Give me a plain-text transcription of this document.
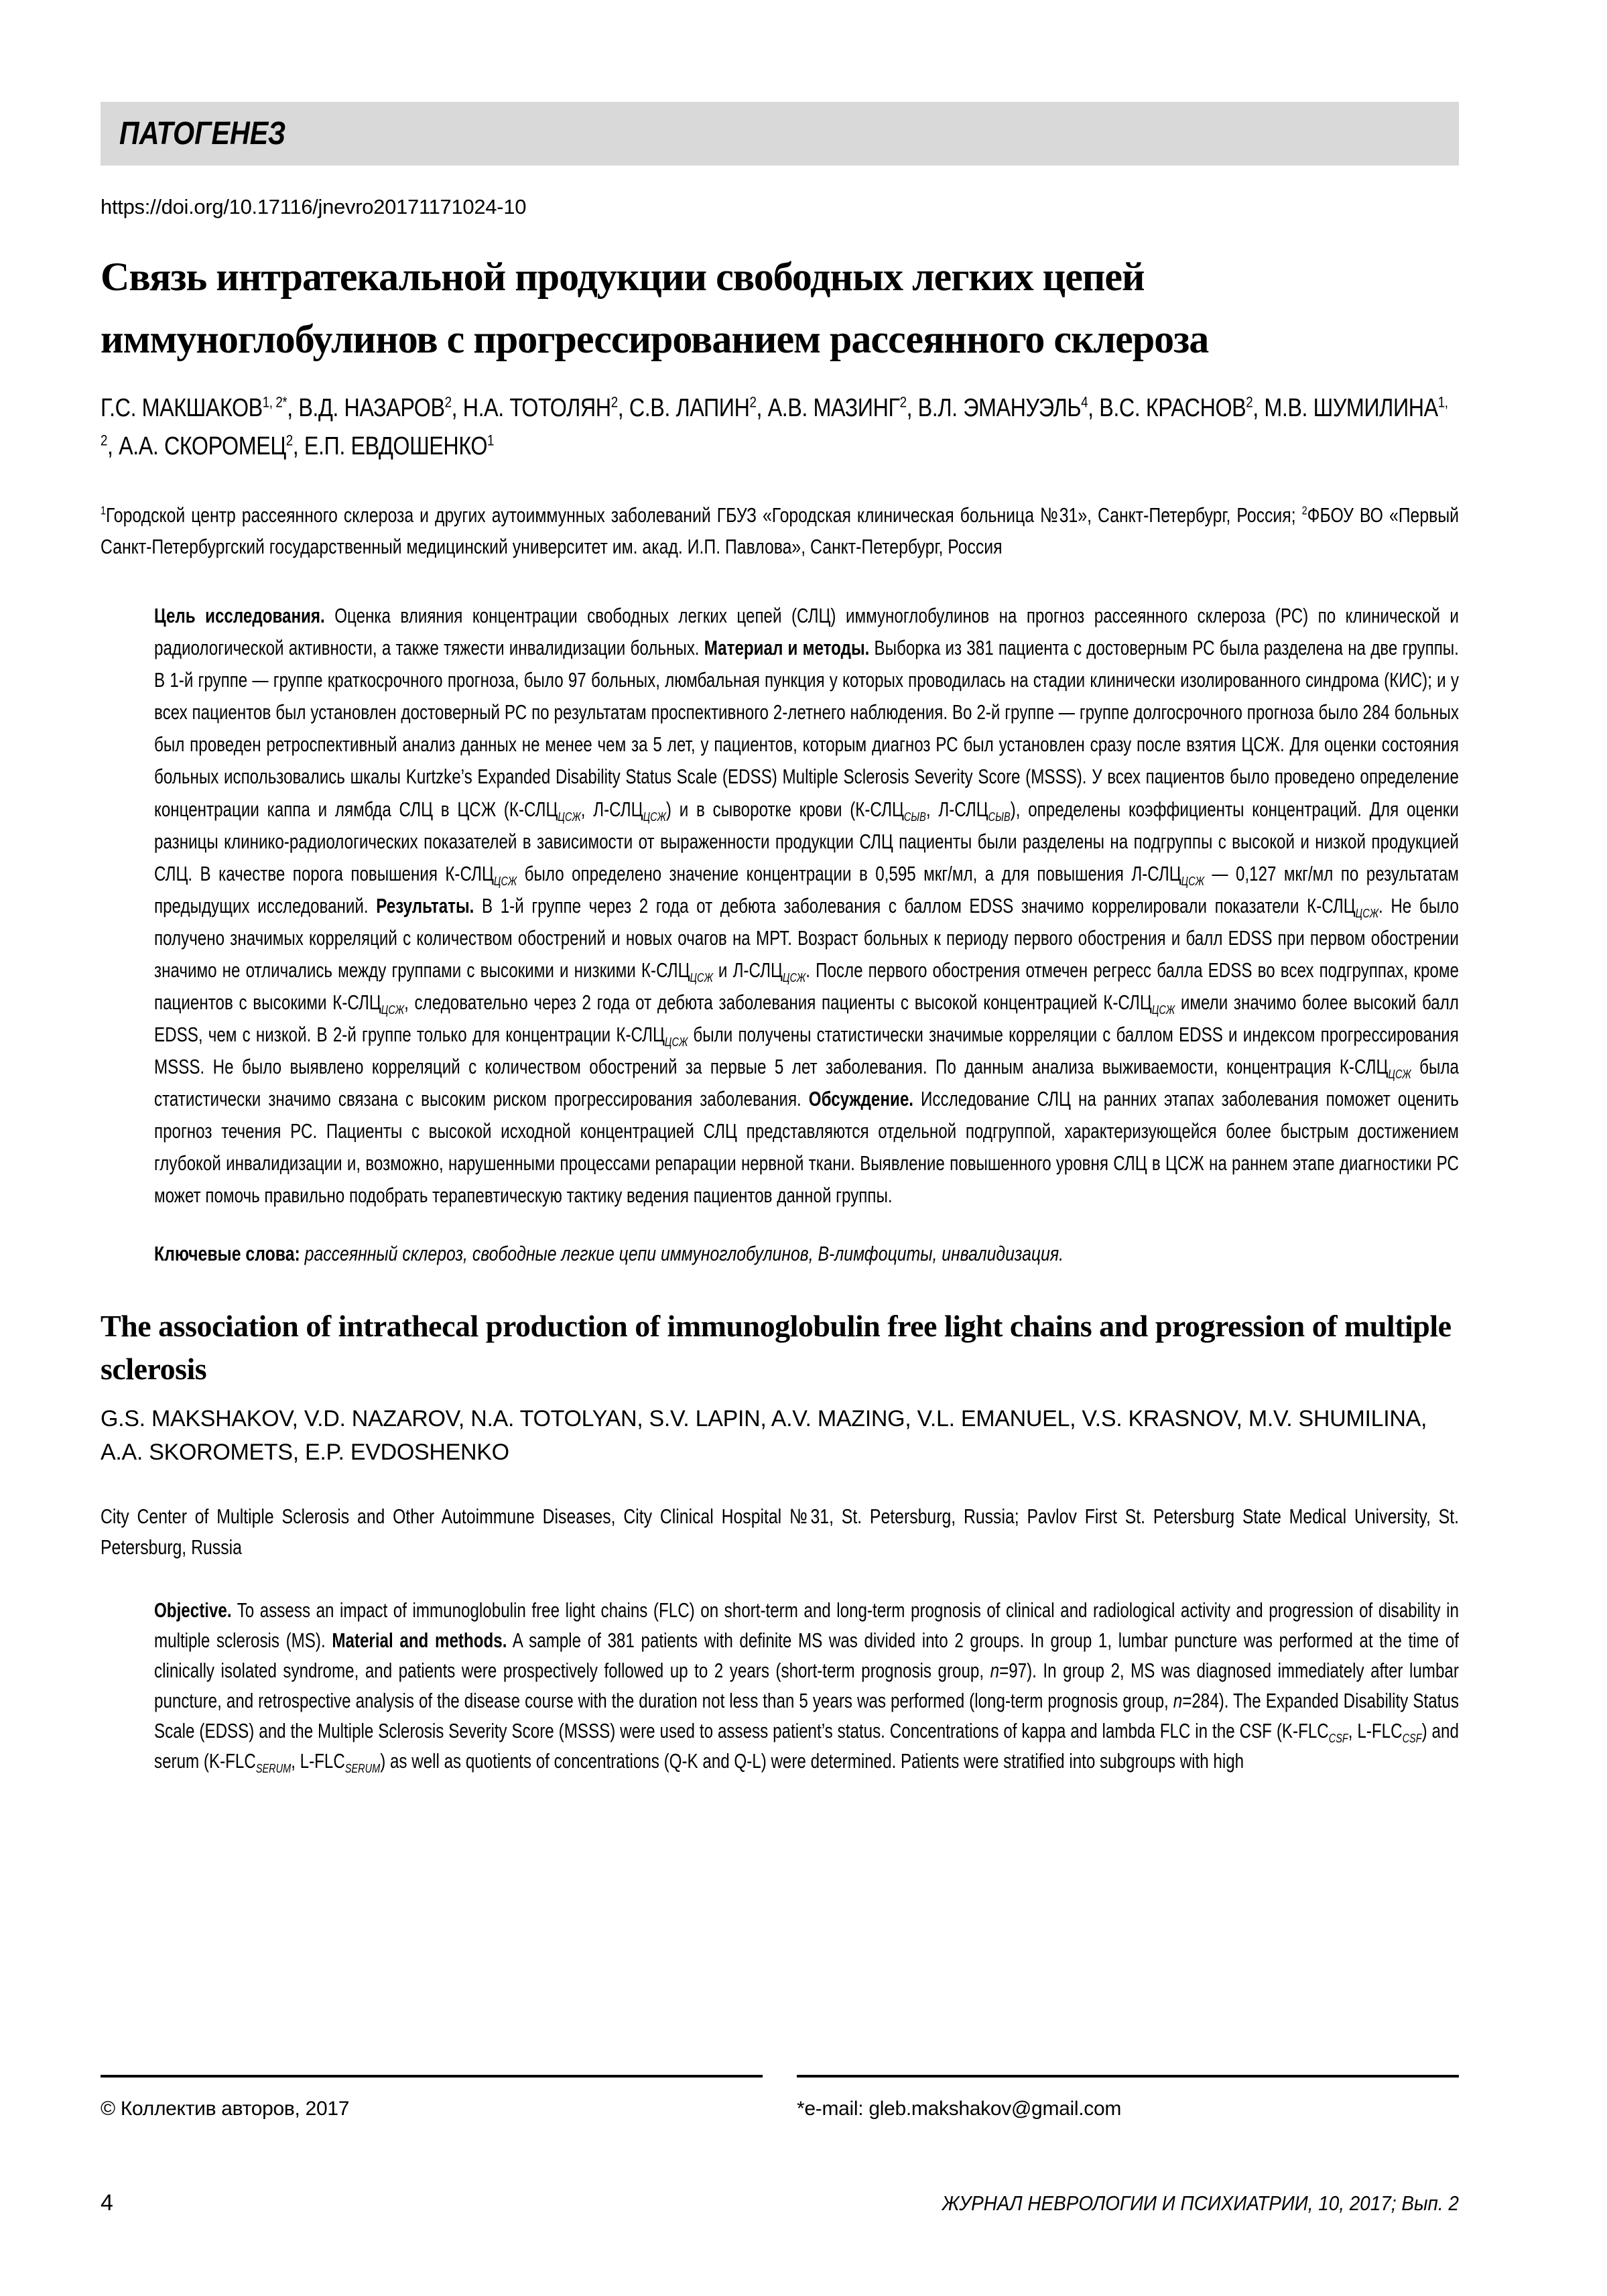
ПАТОГЕНЕЗ
https://doi.org/10.17116/jnevro20171171024-10
Связь интратекальной продукции свободных легких цепей иммуноглобулинов с прогрессированием рассеянного склероза
Г.С. $МАКШАКОВ^{1, 2*}$, В.Д. НАЗАРОВ$^2$, Н.А. ТОТОЛЯН$^2$, С.В. ЛАПИН$^2$, А.В. МАЗИНГ$^2$, В.Л. ЭМАНУЭЛЬ$^4$, В.С. КРАСНОВ$^2$, М.В. ШУМИЛИНА$^{1, 2}$, А.А. СКОРОМЕЦ$^2$, Е.П. ЕВДОШЕНКО$^1$
$^1$Городской центр рассеянного склероза и других аутоиммунных заболеваний ГБУЗ «Городская клиническая больница №31», Санкт-Петербург, Россия; $^2$ФБОУ ВО «Первый Санкт-Петербургский государственный медицинский университет им. акад. И.П. Павлова», Санкт-Петербург, Россия
Цель исследования. Оценка влияния концентрации свободных легких цепей (СЛЦ) иммуноглобулинов на прогноз рассеянного склероза (РС) по клинической и радиологической активности, а также тяжести инвалидизации больных. Материал и методы. Выборка из 381 пациента с достоверным РС была разделена на две группы. В 1-й группе — группе краткосрочного прогноза, было 97 больных, люмбальная пункция у которых проводилась на стадии клинически изолированного синдрома (КИС); и у всех пациентов был установлен достоверный РС по результатам проспективного 2-летнего наблюдения. Во 2-й группе — группе долгосрочного прогноза было 284 больных был проведен ретроспективный анализ данных не менее чем за 5 лет, у пациентов, которым диагноз РС был установлен сразу после взятия ЦСЖ. Для оценки состояния больных использовались шкалы Kurtzke’s Expanded Disability Status Scale (EDSS) Multiple Sclerosis Severity Score (MSSS). У всех пациентов было проведено определение концентрации каппа и лямбда СЛЦ в ЦСЖ ($К-СЛЦ_{ЦСЖ}$, $Л-СЛЦ_{ЦСЖ}$) и в сыворотке крови ($К-СЛЦ_{СЫВ}$, $Л-СЛЦ_{СЫВ}$), определены коэффициенты концентраций. Для оценки разницы клинико-радиологических показателей в зависимости от выраженности продукции СЛЦ пациенты были разделены на подгруппы с высокой и низкой продукцией СЛЦ. В качестве порога повышения $К-СЛЦ_{ЦСЖ}$ было определено значение концентрации в 0,595 мкг/мл, а для повышения $Л-СЛЦ_{ЦСЖ}$ — 0,127 мкг/мл по результатам предыдущих исследований. Результаты. В 1-й группе через 2 года от дебюта заболевания с баллом EDSS значимо коррелировали показатели $К-СЛЦ_{ЦСЖ}$. Не было получено значимых корреляций с количеством обострений и новых очагов на МРТ. Возраст больных к периоду первого обострения и балл EDSS при первом обострении значимо не отличались между группами с высокими и низкими $К-СЛЦ_{ЦСЖ}$ и $Л-СЛЦ_{ЦСЖ}$. После первого обострения отмечен регресс балла EDSS во всех подгруппах, кроме пациентов с высокими $К-СЛЦ_{ЦСЖ}$, следовательно через 2 года от дебюта заболевания пациенты с высокой концентрацией $К-СЛЦ_{ЦСЖ}$ имели значимо более высокий балл EDSS, чем с низкой. В 2-й группе только для концентрации $К-СЛЦ_{ЦСЖ}$ были получены статистически значимые корреляции с баллом EDSS и индексом прогрессирования MSSS. Не было выявлено корреляций с количеством обострений за первые 5 лет заболевания. По данным анализа выживаемости, концентрация $К-СЛЦ_{ЦСЖ}$ была статистически значимо связана с высоким риском прогрессирования заболевания. Обсуждение. Исследование СЛЦ на ранних этапах заболевания поможет оценить прогноз течения РС. Пациенты с высокой исходной концентрацией СЛЦ представляются отдельной подгруппой, характеризующейся более быстрым достижением глубокой инвалидизации и, возможно, нарушенными процессами репарации нервной ткани. Выявление повышенного уровня СЛЦ в ЦСЖ на раннем этапе диагностики РС может помочь правильно подобрать терапевтическую тактику ведения пациентов данной группы.
Ключевые слова: рассеянный склероз, свободные легкие цепи иммуноглобулинов, В-лимфоциты, инвалидизация.
The association of intrathecal production of immunoglobulin free light chains and progression of multiple sclerosis
G.S. MAKSHAKOV, V.D. NAZAROV, N.A. TOTOLYAN, S.V. LAPIN, A.V. MAZING, V.L. EMANUEL, V.S. KRASNOV, M.V. SHUMILINA, A.A. SKOROMETS, E.P. EVDOSHENKO
City Center of Multiple Sclerosis and Other Autoimmune Diseases, City Clinical Hospital №31, St. Petersburg, Russia; Pavlov First St. Petersburg State Medical University, St. Petersburg, Russia
Objective. To assess an impact of immunoglobulin free light chains (FLC) on short-term and long-term prognosis of clinical and radiological activity and progression of disability in multiple sclerosis (MS). Material and methods. A sample of 381 patients with definite MS was divided into 2 groups. In group 1, lumbar puncture was performed at the time of clinically isolated syndrome, and patients were prospectively followed up to 2 years (short-term prognosis group, n=97). In group 2, MS was diagnosed immediately after lumbar puncture, and retrospective analysis of the disease course with the duration not less than 5 years was performed (long-term prognosis group, n=284). The Expanded Disability Status Scale (EDSS) and the Multiple Sclerosis Severity Score (MSSS) were used to assess patient’s status. Concentrations of kappa and lambda FLC in the CSF ($K-FLC_{CSF}$, $L-FLC_{CSF}$) and serum ($K-FLC_{SERUM}$, $L-FLC_{SERUM}$) as well as quotients of concentrations (Q-K and Q-L) were determined. Patients were stratified into subgroups with high
© Коллектив авторов, 2017	*e-mail: gleb.makshakov@gmail.com
4	ЖУРНАЛ НЕВРОЛОГИИ И ПСИХИАТРИИ, 10, 2017; Вып. 2
